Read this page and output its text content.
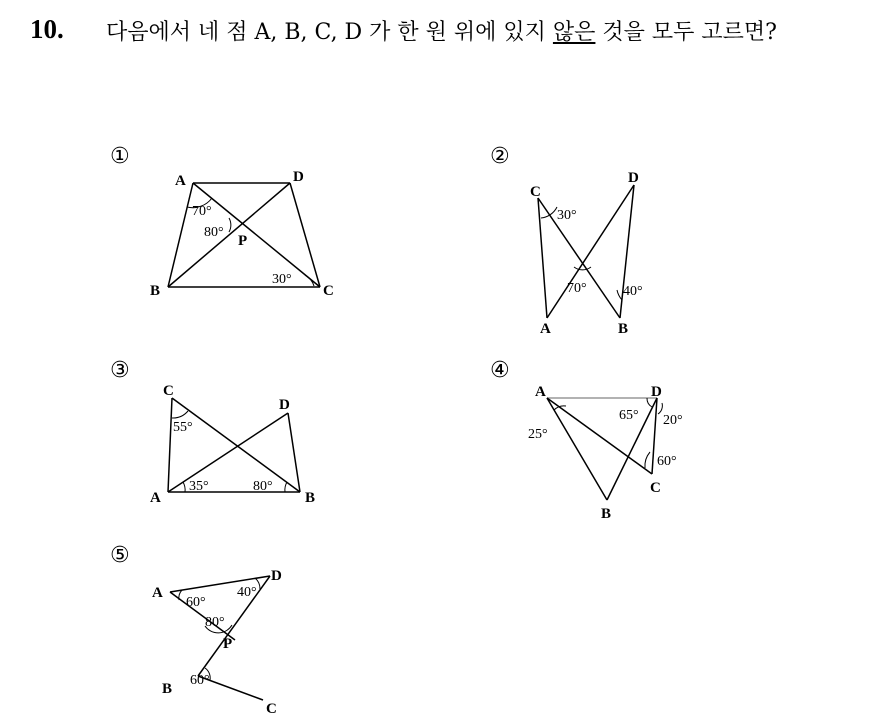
10. 다음에서 네 점 A, B, C, D 가 한 원 위에 있지 않은 것을 모두 고르면?
①	②
③	④
⑤
A
B	C
D
P
70°
80°
30°
C
D
A	B
30°
70°	40°
C
D
A	B
55°
35°	80°
A	D
C
B
65° 20°
25°
60°
A
D
P
B
C
60°
40°
80°
60°
